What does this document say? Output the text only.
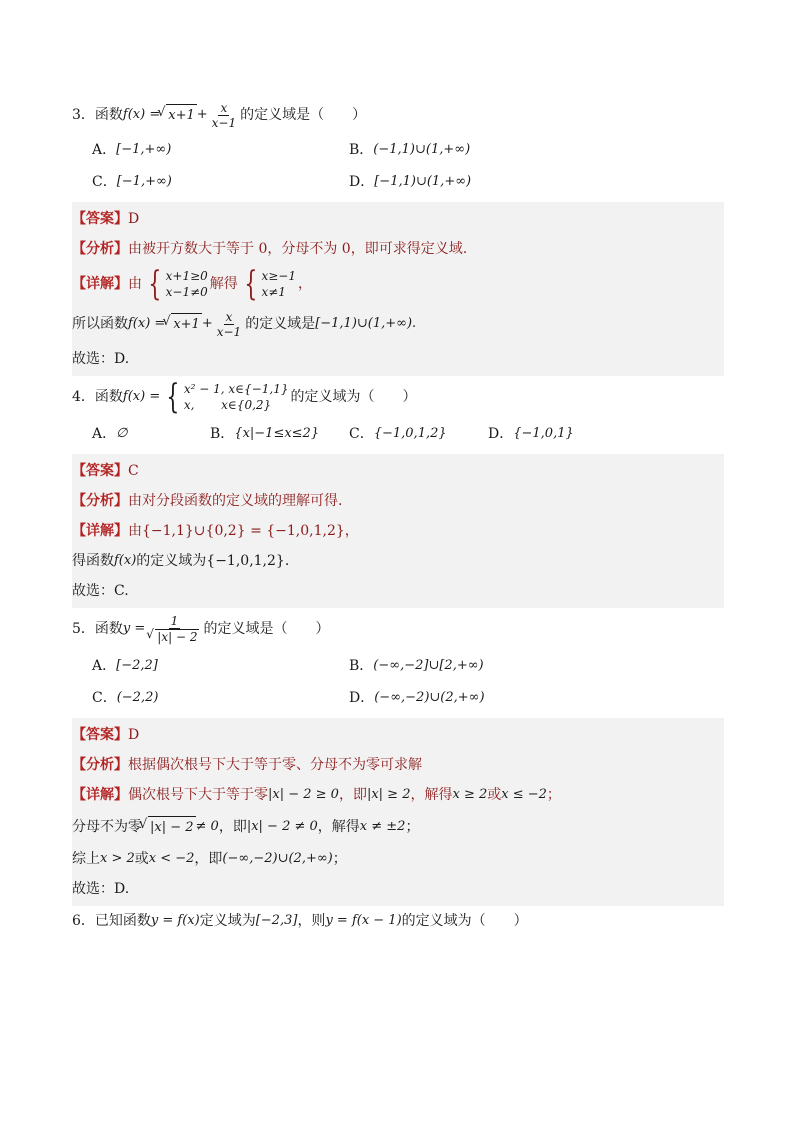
3．函数 f(x) = √ $x+1 + \frac{x}{x-1}$ 的定义域是（　　）
A． [−1,+∞)	B． (−1,1)∪(1,+∞)
C． [−1,+∞)	D． [−1,1)∪(1,+∞)
【答案】 D
【分析】 由被开方数大于等于 0，分母不为 0，即可求得定义域.
【详解】 由 { x+1≥0
x−1≠0 解得 { x≥−1
x≠1 ，
所以函数 f(x) = √ $x+1 + \frac{x}{x-1}$ 的定义域是 [−1,1)∪(1,+∞).
故选：D.
4．函数 f(x) = { x² − 1, x∈{−1,1}
x,       x∈{0,2}	的定义域为（　　）
A． ∅	B． {x|−1≤x≤2} C． {−1,0,1,2}	D． {−1,0,1}
【答案】 C
【分析】 由对分段函数的定义域的理解可得.
【详解】 由{−1,1}∪{0,2} = {−1,0,1,2}，
得函数 f(x) 的定义域为{−1,0,1,2}.
故选：C.
5．函数 y = 1
√ |x| − 2 的定义域是（　　）
A． [−2,2]	B． (−∞,−2]∪[2,+∞)
C． (−2,2)	D． (−∞,−2)∪(2,+∞)
【答案】 D
【分析】 根据偶次根号下大于等于零、分母不为零可求解
【详解】 偶次根号下大于等于零 |x| − 2 ≥ 0 ，即 |x| ≥ 2 ，解得 x ≥ 2 或 x ≤ −2 ；
分母不为零 √ |x| − 2 ≠ 0 ，即 |x| − 2 ≠ 0 ，解得 x ≠ ±2 ；
综上 x > 2 或 x < −2 ，即 (−∞,−2)∪(2,+∞) ；
故选：D.
6．已知函数 y = f(x) 定义域为 [−2,3] ，则 y = f(x − 1) 的定义域为（　　）
